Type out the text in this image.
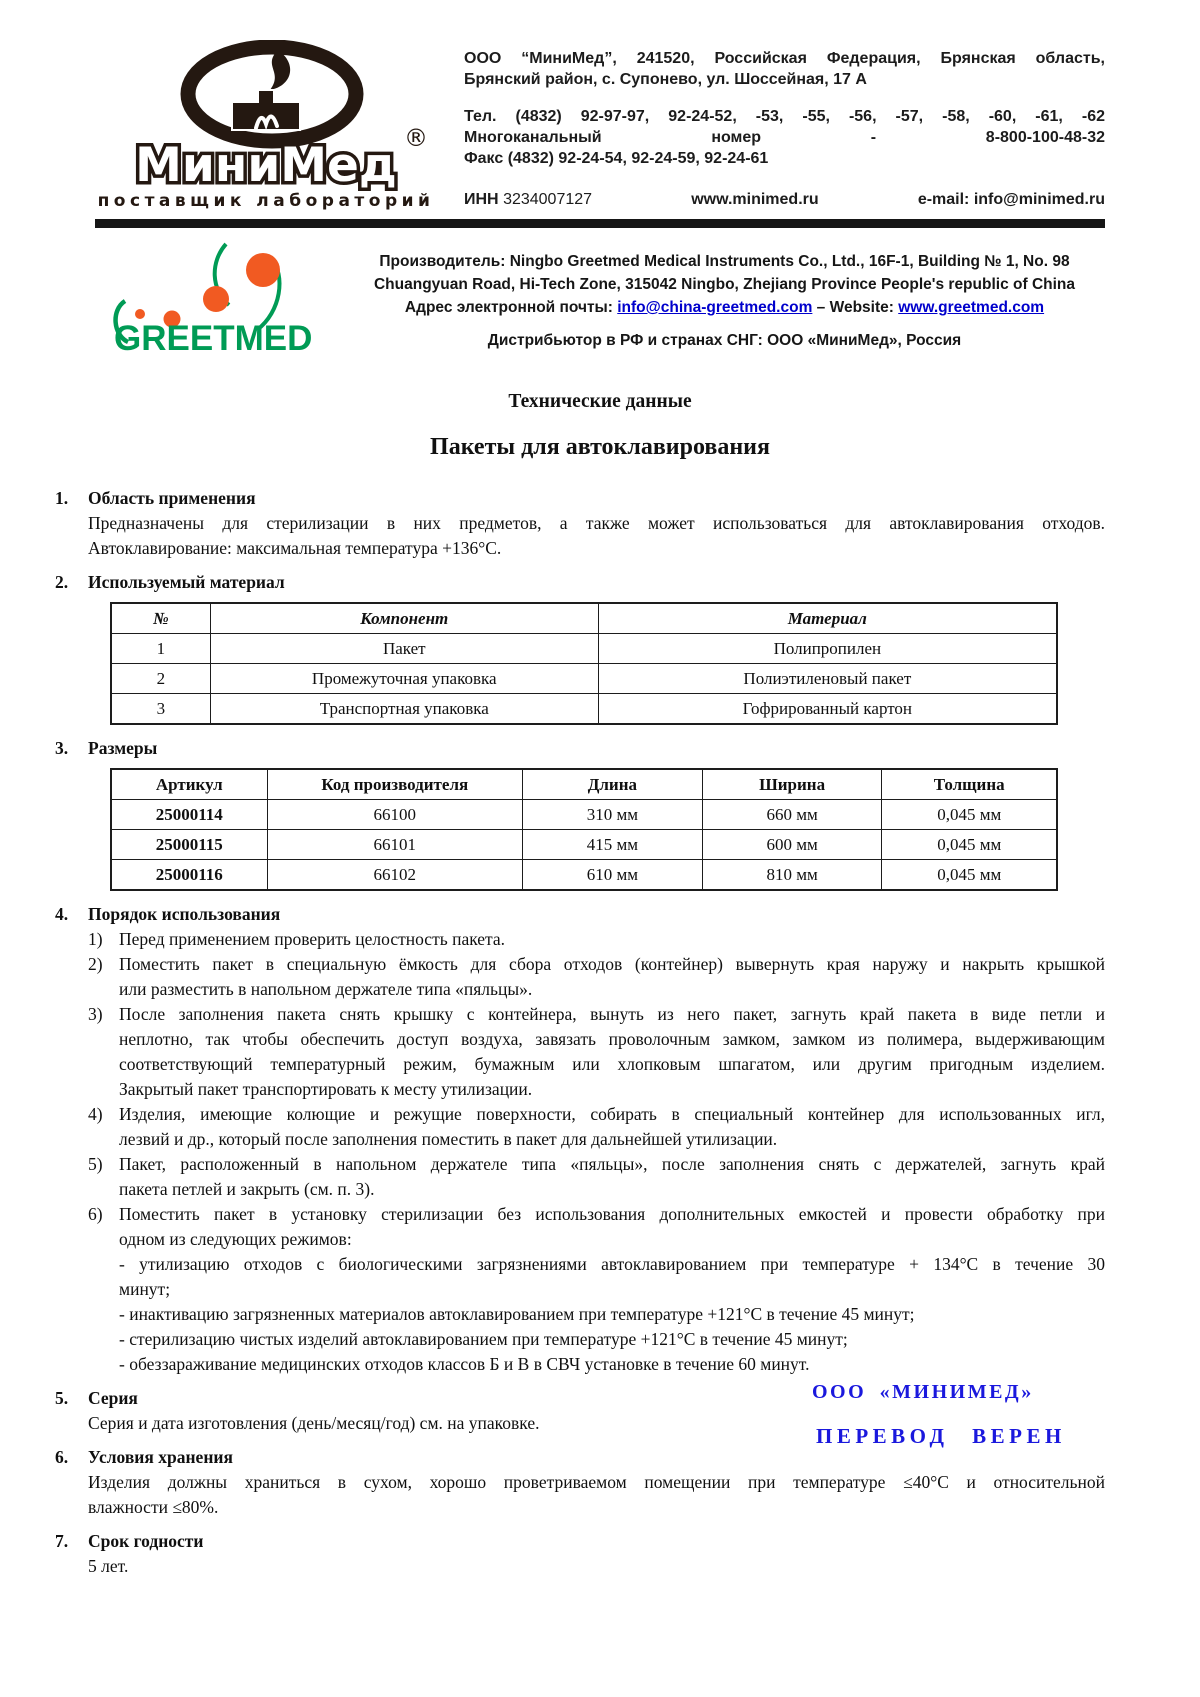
МиниМед ®
поставщик лабораторий
ООО “МиниМед”, 241520, Российская Федерация, Брянская область,
Брянский район, с. Супонево, ул. Шоссейная, 17 А
Тел. (4832) 92-97-97, 92-24-52, -53, -55, -56, -57, -58, -60, -61, -62
Многоканальный номер - 8-800-100-48-32
Факс (4832) 92-24-54, 92-24-59, 92-24-61
ИНН 3234007127	www.minimed.ru	e-mail: info@minimed.ru
GREETMED
Производитель: Ningbo Greetmed Medical Instruments Co., Ltd., 16F-1, Building № 1, No. 98
Chuangyuan Road, Hi-Tech Zone, 315042 Ningbo, Zhejiang Province People's republic of China
Адрес электронной почты: info@china-greetmed.com – Website: www.greetmed.com
Дистрибьютор в РФ и странах СНГ: ООО «МиниМед», Россия
Технические данные
Пакеты для автоклавирования
1.	Область применения
Предназначены для стерилизации в них предметов, а также может использоваться для автоклавирования отходов.
Автоклавирование: максимальная температура +136°С.
2.	Используемый материал
№	Компонент	Материал
1	Пакет	Полипропилен
2	Промежуточная упаковка	Полиэтиленовый пакет
3	Транспортная упаковка	Гофрированный картон
3.	Размеры
Артикул	Код производителя	Длина	Ширина	Толщина
25000114	66100	310 мм	660 мм	0,045 мм
25000115	66101	415 мм	600 мм	0,045 мм
25000116	66102	610 мм	810 мм	0,045 мм
4.	Порядок использования
1) Перед применением проверить целостность пакета.
2) Поместить пакет в специальную ёмкость для сбора отходов (контейнер) вывернуть края наружу и накрыть крышкой
или разместить в напольном держателе типа «пяльцы».
3) После заполнения пакета снять крышку с контейнера, вынуть из него пакет, загнуть край пакета в виде петли и
неплотно, так чтобы обеспечить доступ воздуха, завязать проволочным замком, замком из полимера, выдерживающим
соответствующий температурный режим, бумажным или хлопковым шпагатом, или другим пригодным изделием.
Закрытый пакет транспортировать к месту утилизации.
4) Изделия, имеющие колющие и режущие поверхности, собирать в специальный контейнер для использованных игл,
лезвий и др., который после заполнения поместить в пакет для дальнейшей утилизации.
5) Пакет, расположенный в напольном держателе типа «пяльцы», после заполнения снять с держателей, загнуть край
пакета петлей и закрыть (см. п. 3).
6) Поместить пакет в установку стерилизации без использования дополнительных емкостей и провести обработку при
одном из следующих режимов:
- утилизацию отходов с биологическими загрязнениями автоклавированием при температуре + 134°С в течение 30
минут;
- инактивацию загрязненных материалов автоклавированием при температуре +121°С в течение 45 минут;
- стерилизацию чистых изделий автоклавированием при температуре +121°С в течение 45 минут;
- обеззараживание медицинских отходов классов Б и В в СВЧ установке в течение 60 минут.
5.	Серия
Серия и дата изготовления (день/месяц/год) см. на упаковке.
ООО «МИНИМЕД»
ПЕРЕВОД ВЕРЕН
6.	Условия хранения
Изделия должны храниться в сухом, хорошо проветриваемом помещении при температуре ≤40°С и относительной
влажности ≤80%.
7.	Срок годности
5 лет.
